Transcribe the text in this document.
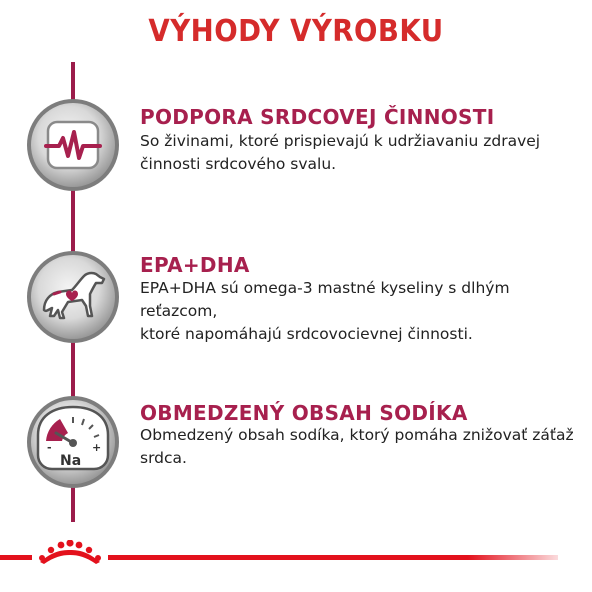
VÝHODY VÝROBKU
PODPORA SRDCOVEJ ČINNOSTI
So živinami, ktoré prispievajú k udržiavaniu zdravej
činnosti srdcového svalu.
EPA+DHA
EPA+DHA sú omega-3 mastné kyseliny s dlhým reťazcom,
ktoré napomáhajú srdcovocievnej činnosti.
-	+
Na
OBMEDZENÝ OBSAH SODÍKA
Obmedzený obsah sodíka, ktorý pomáha znižovať záťaž
srdca.
